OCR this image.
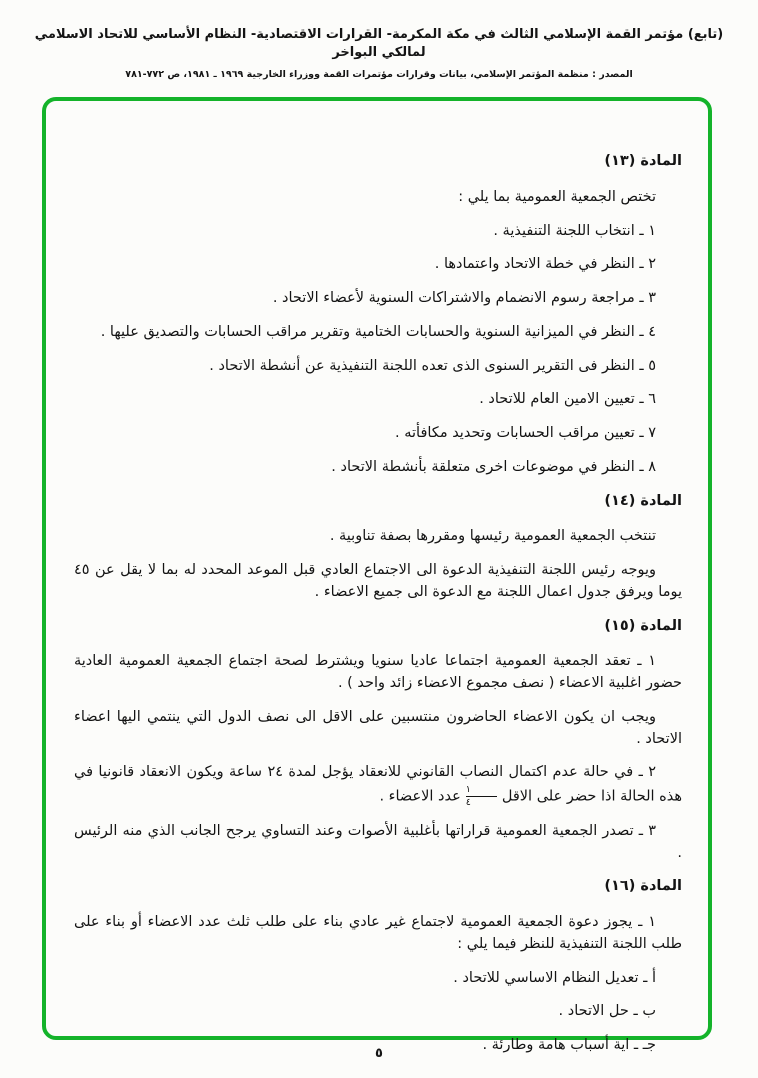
(تابع) مؤتمر القمة الإسلامي الثالث في مكة المكرمة- القرارات الاقتصادية- النظام الأساسي للاتحاد الاسلامي لمالكي البواخر
المصدر : منظمة المؤتمر الإسلامي، بيانات وقرارات مؤتمرات القمة ووزراء الخارجية ١٩٦٩ ـ ١٩٨١، ص ٧٧٢-٧٨١

المادة (١٣)

تختص الجمعية العمومية بما يلي :

١ ـ انتخاب اللجنة التنفيذية .

٢ ـ النظر في خطة الاتحاد واعتمادها .

٣ ـ مراجعة رسوم الانضمام والاشتراكات السنوية لأعضاء الاتحاد .

٤ ـ النظر في الميزانية السنوية والحسابات الختامية وتقرير مراقب الحسابات والتصديق عليها .

٥ ـ النظر فى التقرير السنوى الذى تعده اللجنة التنفيذية عن أنشطة الاتحاد .

٦ ـ تعيين الامين العام للاتحاد .

٧ ـ تعيين مراقب الحسابات وتحديد مكافأته .

٨ ـ النظر في موضوعات اخرى متعلقة بأنشطة الاتحاد .

المادة (١٤)

تنتخب الجمعية العمومية رئيسها ومقررها بصفة تناوبية .

ويوجه رئيس اللجنة التنفيذية الدعوة الى الاجتماع العادي قبل الموعد المحدد له بما لا يقل عن ٤٥ يوما ويرفق جدول اعمال اللجنة مع الدعوة الى جميع الاعضاء .

المادة (١٥)

١ ـ تعقد الجمعية العمومية اجتماعا عاديا سنويا ويشترط لصحة اجتماع الجمعية العمومية العادية حضور اغلبية الاعضاء ( نصف مجموع الاعضاء زائد واحد ) .

ويجب ان يكون الاعضاء الحاضرون منتسبين على الاقل الى نصف الدول التي ينتمي اليها اعضاء الاتحاد .

٢ ـ في حالة عدم اكتمال النصاب القانوني للانعقاد يؤجل لمدة ٢٤ ساعة ويكون الانعقاد قانونيا في هذه الحالة اذا حضر على الاقل
$\frac{١}{٤}$
عدد الاعضاء .

٣ ـ تصدر الجمعية العمومية قراراتها بأغلبية الأصوات وعند التساوي يرجح الجانب الذي منه الرئيس .

المادة (١٦)

١ ـ يجوز دعوة الجمعية العمومية لاجتماع غير عادي بناء على طلب ثلث عدد الاعضاء أو بناء على طلب اللجنة التنفيذية للنظر فيما يلي :

أ ـ تعديل النظام الاساسي للاتحاد .

ب ـ حل الاتحاد .

جـ ـ اية أسباب هامة وطارئة .

٥
